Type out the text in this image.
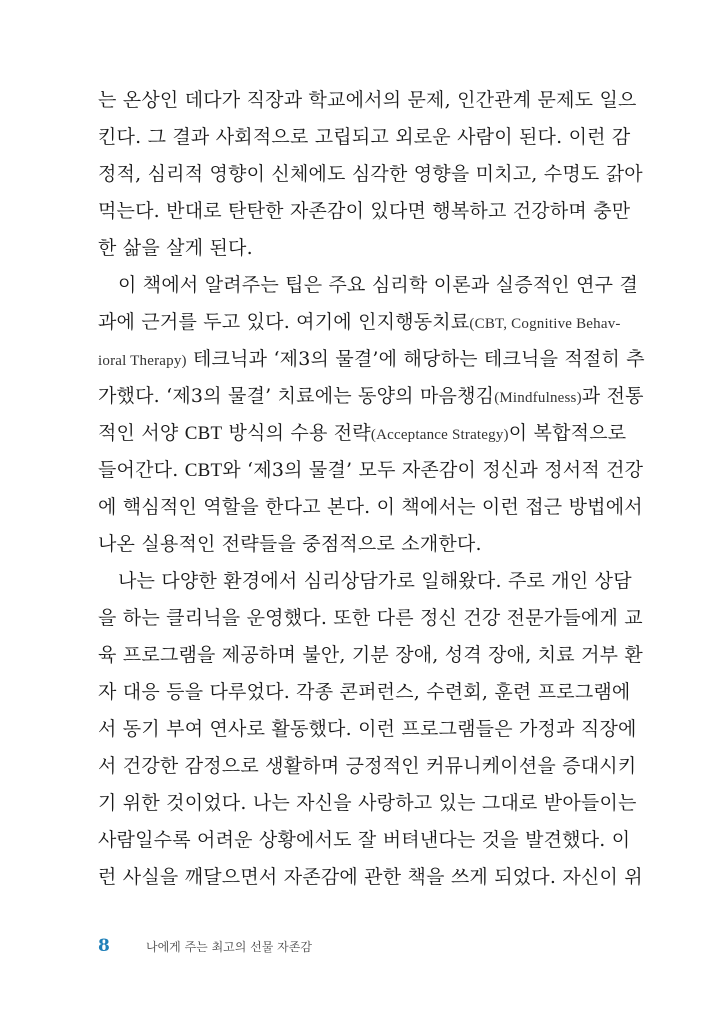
는 온상인 데다가 직장과 학교에서의 문제, 인간관계 문제도 일으
킨다. 그 결과 사회적으로 고립되고 외로운 사람이 된다. 이런 감
정적, 심리적 영향이 신체에도 심각한 영향을 미치고, 수명도 갉아
먹는다. 반대로 탄탄한 자존감이 있다면 행복하고 건강하며 충만
한 삶을 살게 된다.
이 책에서 알려주는 팁은 주요 심리학 이론과 실증적인 연구 결
과에 근거를 두고 있다. 여기에 인지행동치료(CBT, Cognitive Behav-
ioral Therapy) 테크닉과 ‘제3의 물결’에 해당하는 테크닉을 적절히 추
가했다. ‘제3의 물결’ 치료에는 동양의 마음챙김(Mindfulness)과 전통
적인 서양 CBT 방식의 수용 전략(Acceptance Strategy)이 복합적으로
들어간다. CBT와 ‘제3의 물결’ 모두 자존감이 정신과 정서적 건강
에 핵심적인 역할을 한다고 본다. 이 책에서는 이런 접근 방법에서
나온 실용적인 전략들을 중점적으로 소개한다.
나는 다양한 환경에서 심리상담가로 일해왔다. 주로 개인 상담
을 하는 클리닉을 운영했다. 또한 다른 정신 건강 전문가들에게 교
육 프로그램을 제공하며 불안, 기분 장애, 성격 장애, 치료 거부 환
자 대응 등을 다루었다. 각종 콘퍼런스, 수련회, 훈련 프로그램에
서 동기 부여 연사로 활동했다. 이런 프로그램들은 가정과 직장에
서 건강한 감정으로 생활하며 긍정적인 커뮤니케이션을 증대시키
기 위한 것이었다. 나는 자신을 사랑하고 있는 그대로 받아들이는
사람일수록 어려운 상황에서도 잘 버텨낸다는 것을 발견했다. 이
런 사실을 깨달으면서 자존감에 관한 책을 쓰게 되었다. 자신이 위
8	나에게 주는 최고의 선물 자존감
